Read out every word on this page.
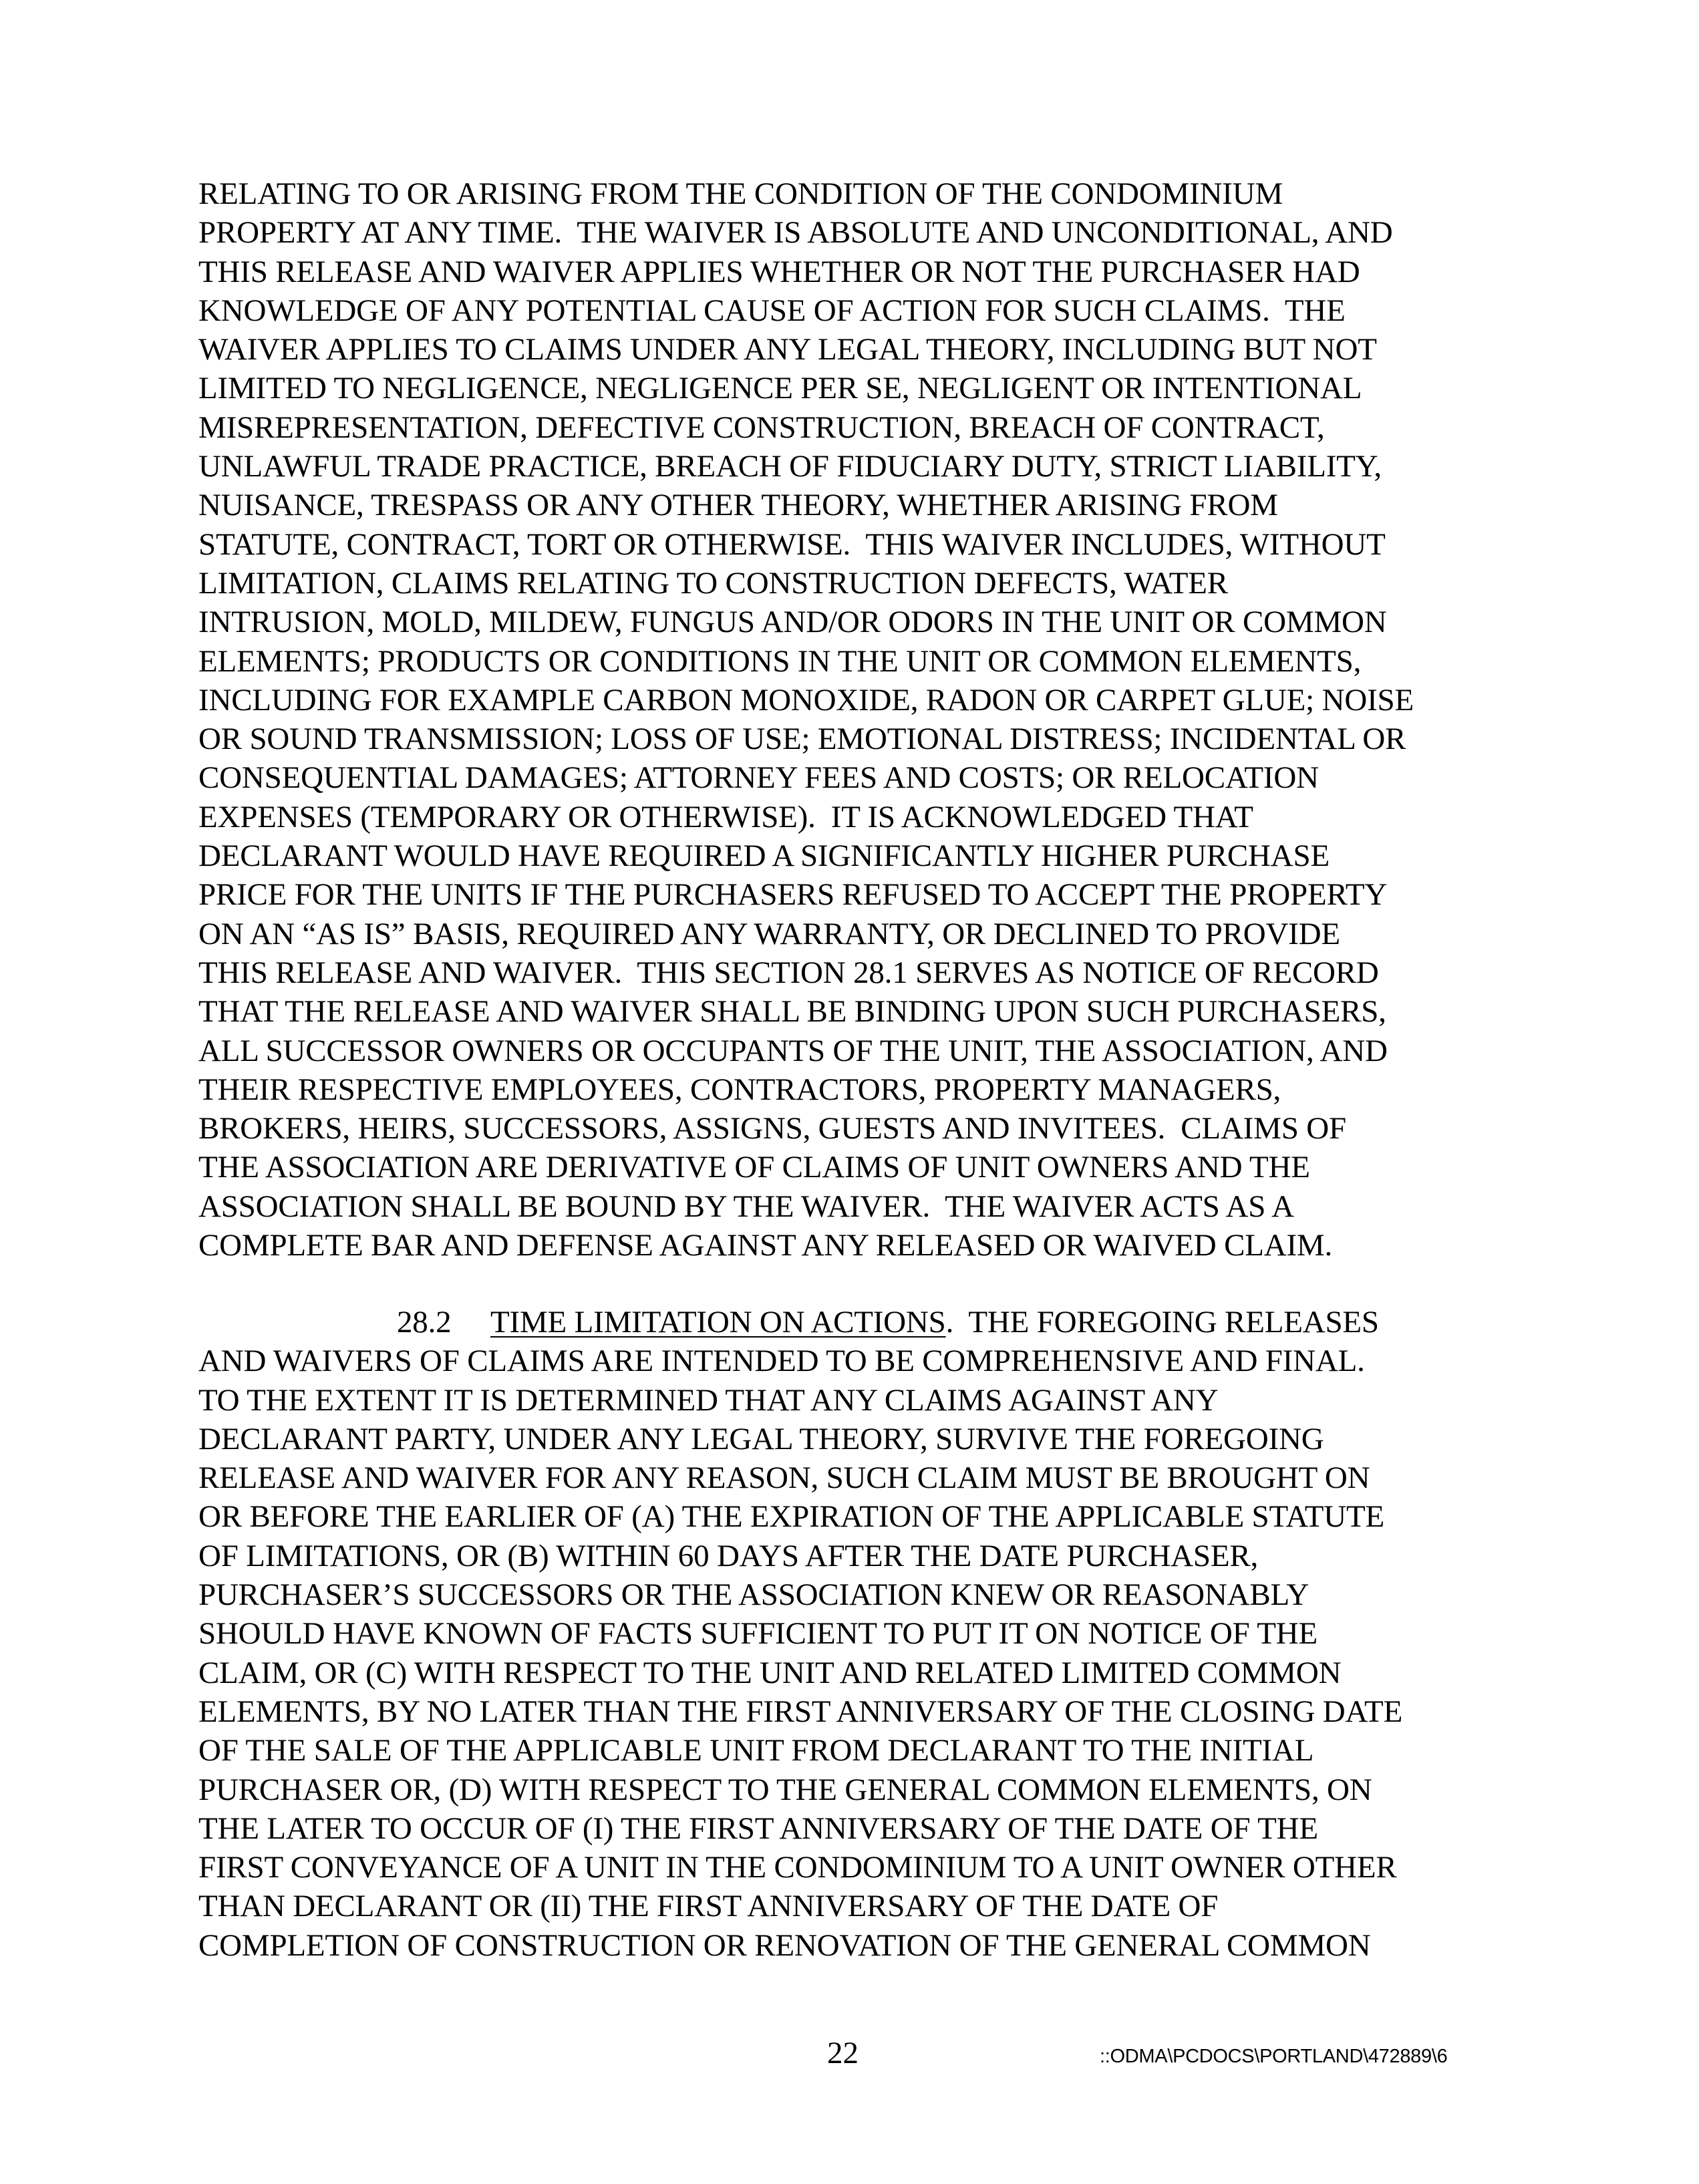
RELATING TO OR ARISING FROM THE CONDITION OF THE CONDOMINIUM
PROPERTY AT ANY TIME.  THE WAIVER IS ABSOLUTE AND UNCONDITIONAL, AND
THIS RELEASE AND WAIVER APPLIES WHETHER OR NOT THE PURCHASER HAD
KNOWLEDGE OF ANY POTENTIAL CAUSE OF ACTION FOR SUCH CLAIMS.  THE
WAIVER APPLIES TO CLAIMS UNDER ANY LEGAL THEORY, INCLUDING BUT NOT
LIMITED TO NEGLIGENCE, NEGLIGENCE PER SE, NEGLIGENT OR INTENTIONAL
MISREPRESENTATION, DEFECTIVE CONSTRUCTION, BREACH OF CONTRACT,
UNLAWFUL TRADE PRACTICE, BREACH OF FIDUCIARY DUTY, STRICT LIABILITY,
NUISANCE, TRESPASS OR ANY OTHER THEORY, WHETHER ARISING FROM
STATUTE, CONTRACT, TORT OR OTHERWISE.  THIS WAIVER INCLUDES, WITHOUT
LIMITATION, CLAIMS RELATING TO CONSTRUCTION DEFECTS, WATER
INTRUSION, MOLD, MILDEW, FUNGUS AND/OR ODORS IN THE UNIT OR COMMON
ELEMENTS; PRODUCTS OR CONDITIONS IN THE UNIT OR COMMON ELEMENTS,
INCLUDING FOR EXAMPLE CARBON MONOXIDE, RADON OR CARPET GLUE; NOISE
OR SOUND TRANSMISSION; LOSS OF USE; EMOTIONAL DISTRESS; INCIDENTAL OR
CONSEQUENTIAL DAMAGES; ATTORNEY FEES AND COSTS; OR RELOCATION
EXPENSES (TEMPORARY OR OTHERWISE).  IT IS ACKNOWLEDGED THAT
DECLARANT WOULD HAVE REQUIRED A SIGNIFICANTLY HIGHER PURCHASE
PRICE FOR THE UNITS IF THE PURCHASERS REFUSED TO ACCEPT THE PROPERTY
ON AN “AS IS” BASIS, REQUIRED ANY WARRANTY, OR DECLINED TO PROVIDE
THIS RELEASE AND WAIVER.  THIS SECTION 28.1 SERVES AS NOTICE OF RECORD
THAT THE RELEASE AND WAIVER SHALL BE BINDING UPON SUCH PURCHASERS,
ALL SUCCESSOR OWNERS OR OCCUPANTS OF THE UNIT, THE ASSOCIATION, AND
THEIR RESPECTIVE EMPLOYEES, CONTRACTORS, PROPERTY MANAGERS,
BROKERS, HEIRS, SUCCESSORS, ASSIGNS, GUESTS AND INVITEES.  CLAIMS OF
THE ASSOCIATION ARE DERIVATIVE OF CLAIMS OF UNIT OWNERS AND THE
ASSOCIATION SHALL BE BOUND BY THE WAIVER.  THE WAIVER ACTS AS A
COMPLETE BAR AND DEFENSE AGAINST ANY RELEASED OR WAIVED CLAIM.
28.2 TIME LIMITATION ON ACTIONS.  THE FOREGOING RELEASES
AND WAIVERS OF CLAIMS ARE INTENDED TO BE COMPREHENSIVE AND FINAL.
TO THE EXTENT IT IS DETERMINED THAT ANY CLAIMS AGAINST ANY
DECLARANT PARTY, UNDER ANY LEGAL THEORY, SURVIVE THE FOREGOING
RELEASE AND WAIVER FOR ANY REASON, SUCH CLAIM MUST BE BROUGHT ON
OR BEFORE THE EARLIER OF (A) THE EXPIRATION OF THE APPLICABLE STATUTE
OF LIMITATIONS, OR (B) WITHIN 60 DAYS AFTER THE DATE PURCHASER,
PURCHASER’S SUCCESSORS OR THE ASSOCIATION KNEW OR REASONABLY
SHOULD HAVE KNOWN OF FACTS SUFFICIENT TO PUT IT ON NOTICE OF THE
CLAIM, OR (C) WITH RESPECT TO THE UNIT AND RELATED LIMITED COMMON
ELEMENTS, BY NO LATER THAN THE FIRST ANNIVERSARY OF THE CLOSING DATE
OF THE SALE OF THE APPLICABLE UNIT FROM DECLARANT TO THE INITIAL
PURCHASER OR, (D) WITH RESPECT TO THE GENERAL COMMON ELEMENTS, ON
THE LATER TO OCCUR OF (I) THE FIRST ANNIVERSARY OF THE DATE OF THE
FIRST CONVEYANCE OF A UNIT IN THE CONDOMINIUM TO A UNIT OWNER OTHER
THAN DECLARANT OR (II) THE FIRST ANNIVERSARY OF THE DATE OF
COMPLETION OF CONSTRUCTION OR RENOVATION OF THE GENERAL COMMON
22	::ODMA\PCDOCS\PORTLAND\472889\6
